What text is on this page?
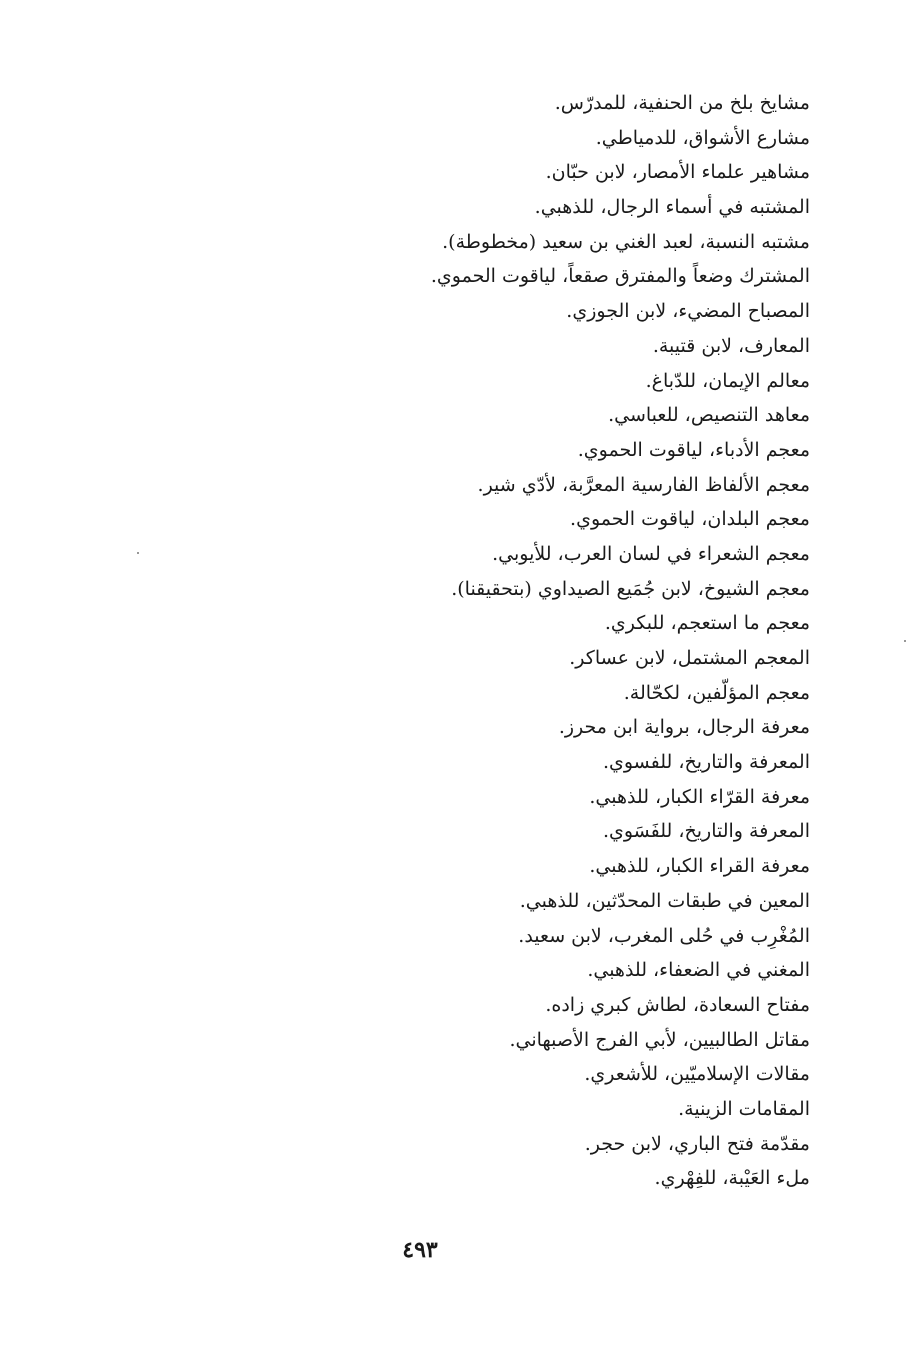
مشايخ بلخ من الحنفية، للمدرّس.
مشارع الأشواق، للدمياطي.
مشاهير علماء الأمصار، لابن حبّان.
المشتبه في أسماء الرجال، للذهبي.
مشتبه النسبة، لعبد الغني بن سعيد (مخطوطة).
المشترك وضعاً والمفترق صقعاً، لياقوت الحموي.
المصباح المضيء، لابن الجوزي.
المعارف، لابن قتيبة.
معالم الإيمان، للدّباغ.
معاهد التنصيص، للعباسي.
معجم الأدباء، لياقوت الحموي.
معجم الألفاظ الفارسية المعرَّبة، لأدّي شير.
معجم البلدان، لياقوت الحموي.
معجم الشعراء في لسان العرب، للأيوبي.
معجم الشيوخ، لابن جُمَيع الصيداوي (بتحقيقنا).
معجم ما استعجم، للبكري.
المعجم المشتمل، لابن عساكر.
معجم المؤلّفين، لكحّالة.
معرفة الرجال، برواية ابن محرز.
المعرفة والتاريخ، للفسوي.
معرفة القرّاء الكبار، للذهبي.
المعرفة والتاريخ، للفَسَوي.
معرفة القراء الكبار، للذهبي.
المعين في طبقات المحدّثين، للذهبي.
المُغْرِب في حُلى المغرب، لابن سعيد.
المغني في الضعفاء، للذهبي.
مفتاح السعادة، لطاش كبري زاده.
مقاتل الطالبيين، لأبي الفرج الأصبهاني.
مقالات الإسلاميّين، للأشعري.
المقامات الزينية.
مقدّمة فتح الباري، لابن حجر.
ملء العَيْبة، للفِهْري.
٤٩٣
